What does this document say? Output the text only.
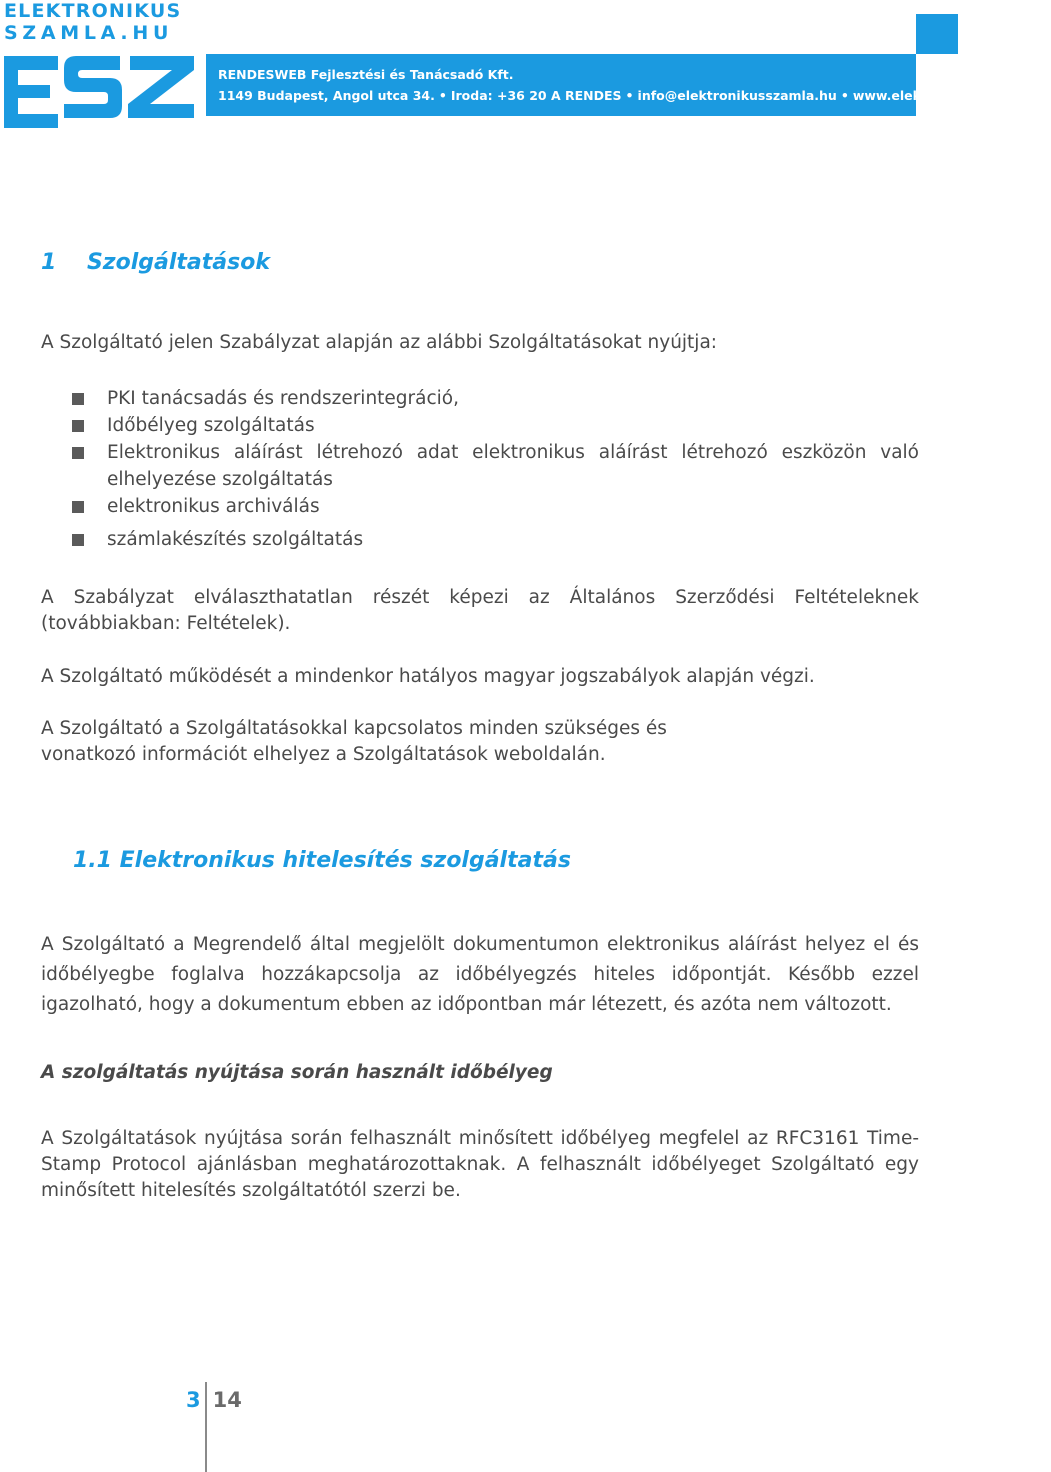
ELEKTRONIKUS
SZAMLA.HU
RENDESWEB Fejlesztési és Tanácsadó Kft.
1149 Budapest, Angol utca 34. • Iroda: +36 20 A RENDES • info@elektronikusszamla.hu • www.elektronikusszamla.hu
1    Szolgáltatások
A Szolgáltató jelen Szabályzat alapján az alábbi Szolgáltatásokat nyújtja:
PKI tanácsadás és rendszerintegráció,
Időbélyeg szolgáltatás
Elektronikus aláírást létrehozó adat elektronikus aláírást létrehozó eszközön való elhelyezése szolgáltatás
elektronikus archiválás
számlakészítés szolgáltatás
A Szabályzat elválaszthatatlan részét képezi az Általános Szerződési Feltételeknek (továbbiakban: Feltételek).
A Szolgáltató működését a mindenkor hatályos magyar jogszabályok alapján végzi.
A Szolgáltató a Szolgáltatásokkal kapcsolatos minden szükséges és vonatkozó információt elhelyez a Szolgáltatások weboldalán.
1.1 Elektronikus hitelesítés szolgáltatás
A Szolgáltató a Megrendelő által megjelölt dokumentumon elektronikus aláírást helyez el és időbélyegbe foglalva hozzákapcsolja az időbélyegzés hiteles időpontját. Később ezzel igazolható, hogy a dokumentum ebben az időpontban már létezett, és azóta nem változott.
A szolgáltatás nyújtása során használt időbélyeg
A Szolgáltatások nyújtása során felhasznált minősített időbélyeg megfelel az RFC3161 Time-Stamp Protocol ajánlásban meghatározottaknak. A felhasznált időbélyeget Szolgáltató egy minősített hitelesítés szolgáltatótól szerzi be.
3 14
